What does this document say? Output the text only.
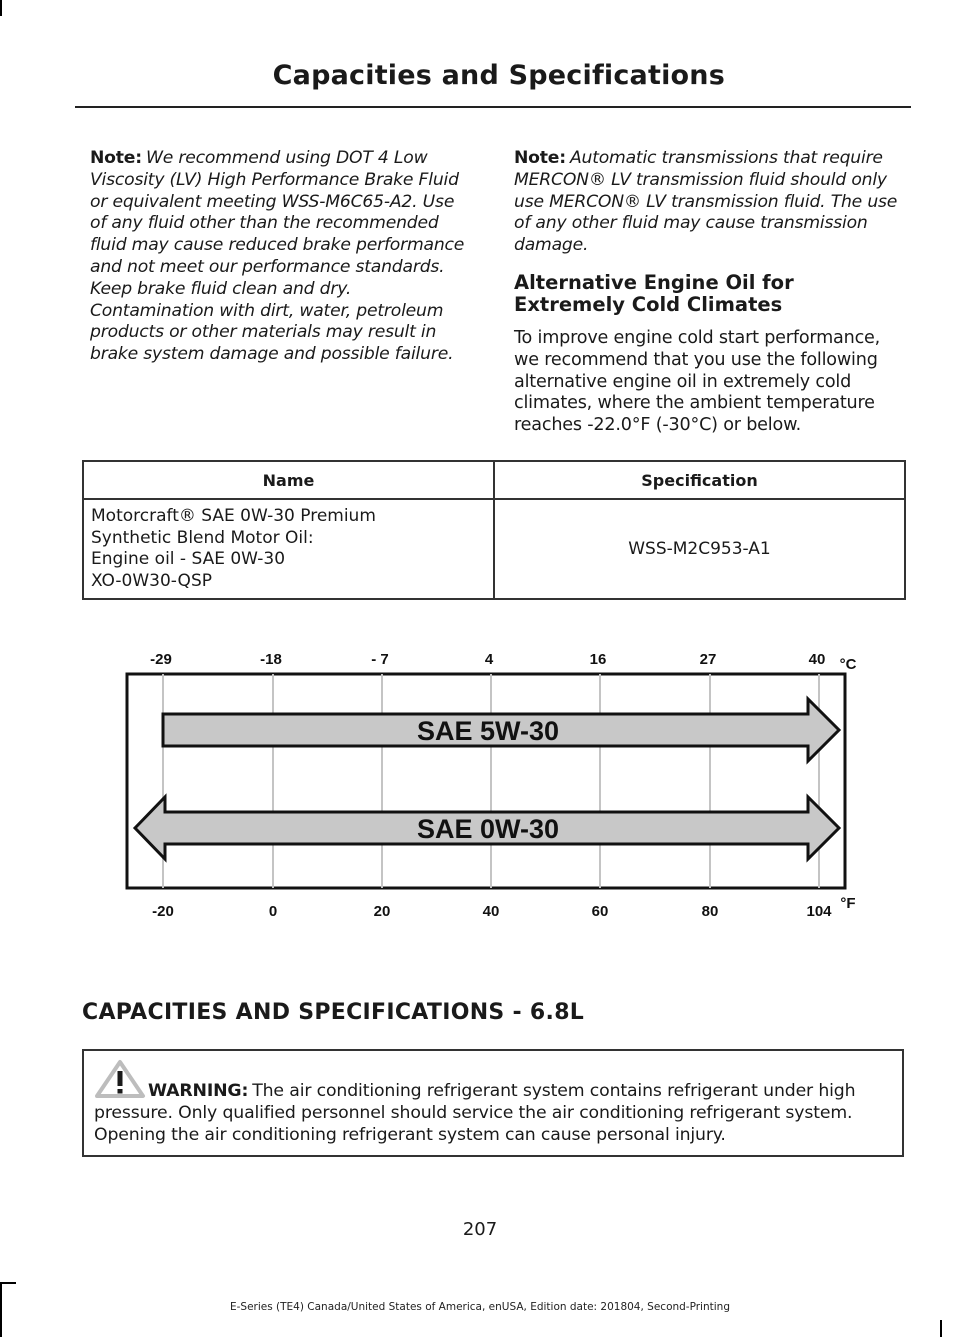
Capacities and Specifications
Note: We recommend using DOT 4 Low Viscosity (LV) High Performance Brake Fluid or equivalent meeting WSS-M6C65-A2. Use of any fluid other than the recommended fluid may cause reduced brake performance and not meet our performance standards. Keep brake fluid clean and dry. Contamination with dirt, water, petroleum products or other materials may result in brake system damage and possible failure.
Note: Automatic transmissions that require MERCON® LV transmission fluid should only use MERCON® LV transmission fluid. The use of any other fluid may cause transmission damage.
Alternative Engine Oil for Extremely Cold Climates
To improve engine cold start performance, we recommend that you use the following alternative engine oil in extremely cold climates, where the ambient temperature reaches -22.0°F (-30°C) or below.
Name	Specification

Motorcraft® SAE 0W-30 Premium
Synthetic Blend Motor Oil:
Engine oil - SAE 0W-30
XO-0W30-QSP	WSS-M2C953-A1
-29	-18	- 7	4	16	27	40 °C
-20	0	20	40	60	80	104 °F
SAE 5W-30
SAE 0W-30
CAPACITIES AND SPECIFICATIONS - 6.8L
WARNING: The air conditioning refrigerant system contains refrigerant under high pressure. Only qualified personnel should service the air conditioning refrigerant system. Opening the air conditioning refrigerant system can cause personal injury.
207
E-Series (TE4) Canada/United States of America, enUSA, Edition date: 201804, Second-Printing
